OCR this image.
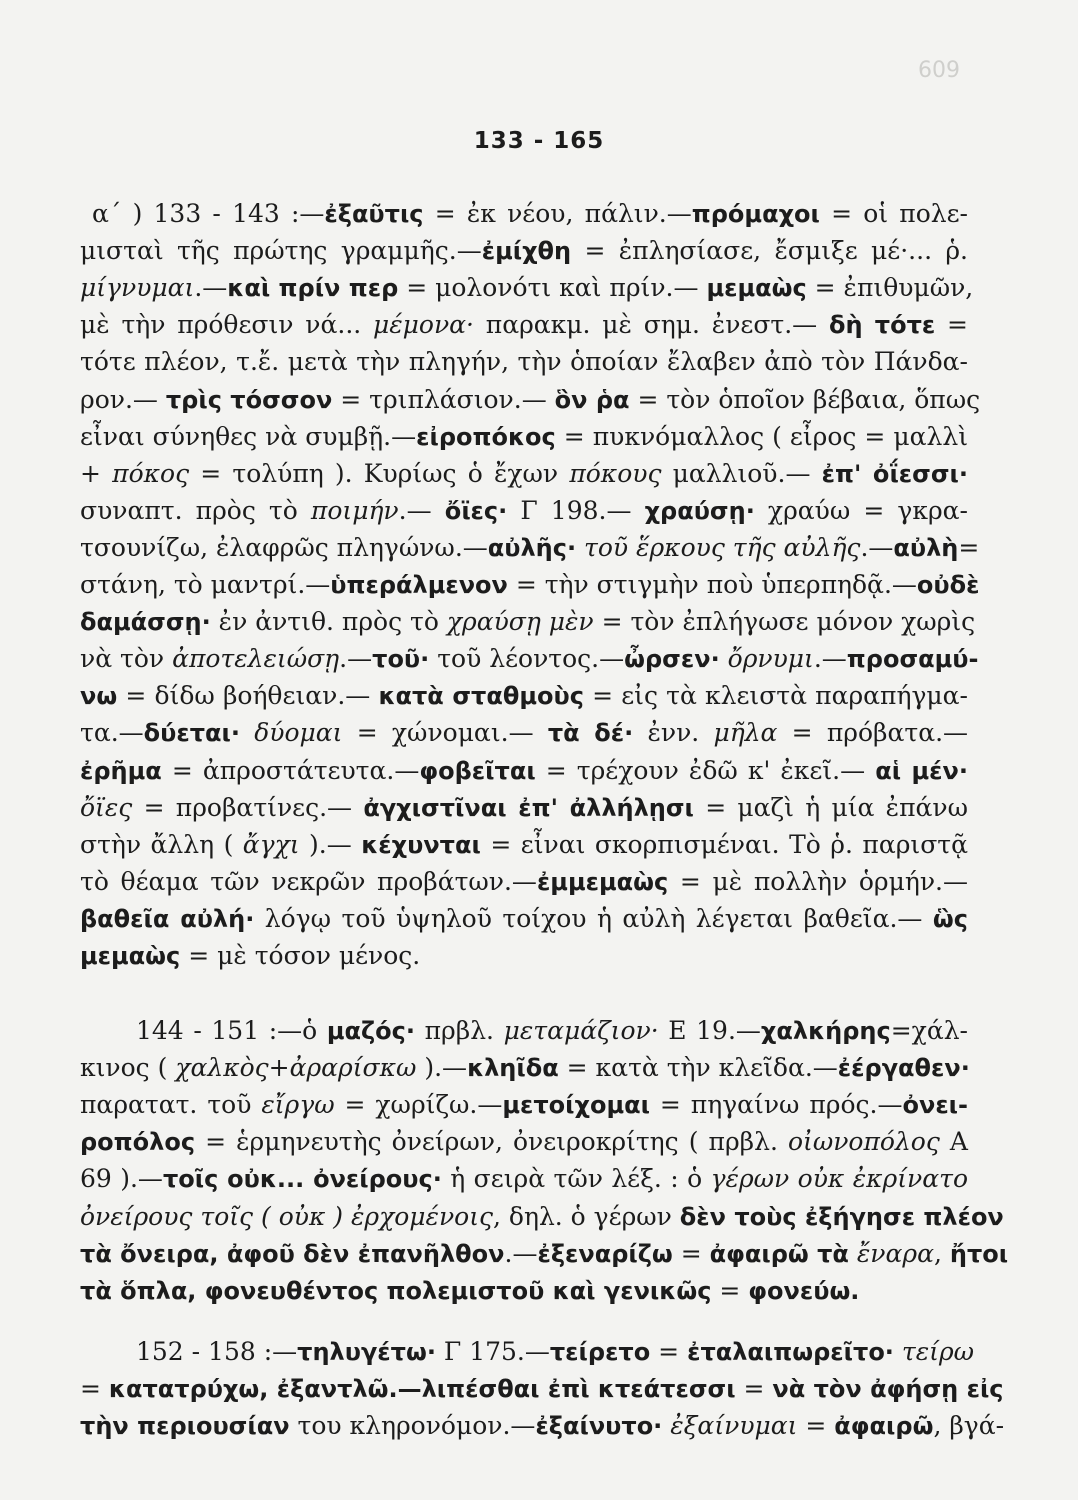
609
133 - 165
α΄ ) 133 - 143 :—ἐξαῦτις = ἐκ νέου, πάλιν.—πρόμαχοι = οἱ πολε-
μισταὶ τῆς πρώτης γραμμῆς.—ἐμίχθη = ἐπλησίασε, ἔσμιξε μέ·... ῥ.
μίγνυμαι.—καὶ πρίν περ = μολονότι καὶ πρίν.— μεμαὼς = ἐπιθυμῶν,
μὲ τὴν πρόθεσιν νά... μέμονα· παρακμ. μὲ σημ. ἐνεστ.— δὴ τότε =
τότε πλέον, τ.ἔ. μετὰ τὴν πληγήν, τὴν ὁποίαν ἔλαβεν ἀπὸ τὸν Πάνδα-
ρον.— τρὶς τόσσον = τριπλάσιον.— ὃν ῥα = τὸν ὁποῖον βέβαια, ὅπως
εἶναι σύνηθες νὰ συμβῇ.—εἰροπόκος = πυκνόμαλλος ( εἶρος = μαλλὶ
+ πόκος = τολύπη ). Κυρίως ὁ ἔχων πόκους μαλλιοῦ.— ἐπ' ὀΐεσσι·
συναπτ. πρὸς τὸ ποιμήν.— ὄϊες· Γ 198.— χραύσῃ· χραύω = γκρα-
τσουνίζω, ἐλαφρῶς πληγώνω.—αὐλῆς· τοῦ ἕρκους τῆς αὐλῆς.—αὐλὴ=
στάνη, τὸ μαντρί.—ὑπεράλμενον = τὴν στιγμὴν ποὺ ὑπερπηδᾷ.—οὐδὲ
δαμάσσῃ· ἐν ἀντιθ. πρὸς τὸ χραύσῃ μὲν = τὸν ἐπλήγωσε μόνον χωρὶς
νὰ τὸν ἀποτελειώσῃ.—τοῦ· τοῦ λέοντος.—ὦρσεν· ὄρνυμι.—προσαμύ-
νω = δίδω βοήθειαν.— κατὰ σταθμοὺς = εἰς τὰ κλειστὰ παραπήγμα-
τα.—δύεται· δύομαι = χώνομαι.— τὰ δέ· ἐνν. μῆλα = πρόβατα.—
ἐρῆμα = ἀπροστάτευτα.—φοβεῖται = τρέχουν ἐδῶ κ' ἐκεῖ.— αἱ μέν·
ὄϊες = προβατίνες.— ἀγχιστῖναι ἐπ' ἀλλήλῃσι = μαζὶ ἡ μία ἐπάνω
στὴν ἄλλη ( ἄγχι ).— κέχυνται = εἶναι σκορπισμέναι. Τὸ ῥ. παριστᾷ
τὸ θέαμα τῶν νεκρῶν προβάτων.—ἐμμεμαὼς = μὲ πολλὴν ὁρμήν.—
βαθεῖα αὐλή· λόγῳ τοῦ ὑψηλοῦ τοίχου ἡ αὐλὴ λέγεται βαθεῖα.— ὣς
μεμαὼς = μὲ τόσον μένος.
144 - 151 :—ὁ μαζός· πρβλ. μεταμάζιον· Ε 19.—χαλκήρης=χάλ-
κινος ( χαλκὸς+ἀραρίσκω ).—κληῖδα = κατὰ τὴν κλεῖδα.—ἐέργαθεν·
παρατατ. τοῦ εἴργω = χωρίζω.—μετοίχομαι = πηγαίνω πρός.—ὀνει-
ροπόλος = ἑρμηνευτὴς ὀνείρων, ὀνειροκρίτης ( πρβλ. οἰωνοπόλος Α
69 ).—τοῖς οὐκ... ὀνείρους· ἡ σειρὰ τῶν λέξ. : ὁ γέρων οὐκ ἐκρίνατο
ὀνείρους τοῖς ( οὐκ ) ἐρχομένοις, δηλ. ὁ γέρων δὲν τοὺς ἐξήγησε πλέον
τὰ ὄνειρα, ἀφοῦ δὲν ἐπανῆλθον.—ἐξεναρίζω = ἀφαιρῶ τὰ ἔναρα, ἤτοι
τὰ ὅπλα, φονευθέντος πολεμιστοῦ καὶ γενικῶς = φονεύω.
152 - 158 :—τηλυγέτω· Γ 175.—τείρετο = ἐταλαιπωρεῖτο· τείρω
= κατατρύχω, ἐξαντλῶ.—λιπέσθαι ἐπὶ κτεάτεσσι = νὰ τὸν ἀφήσῃ εἰς
τὴν περιουσίαν του κληρονόμον.—ἐξαίνυτο· ἐξαίνυμαι = ἀφαιρῶ, βγά-
